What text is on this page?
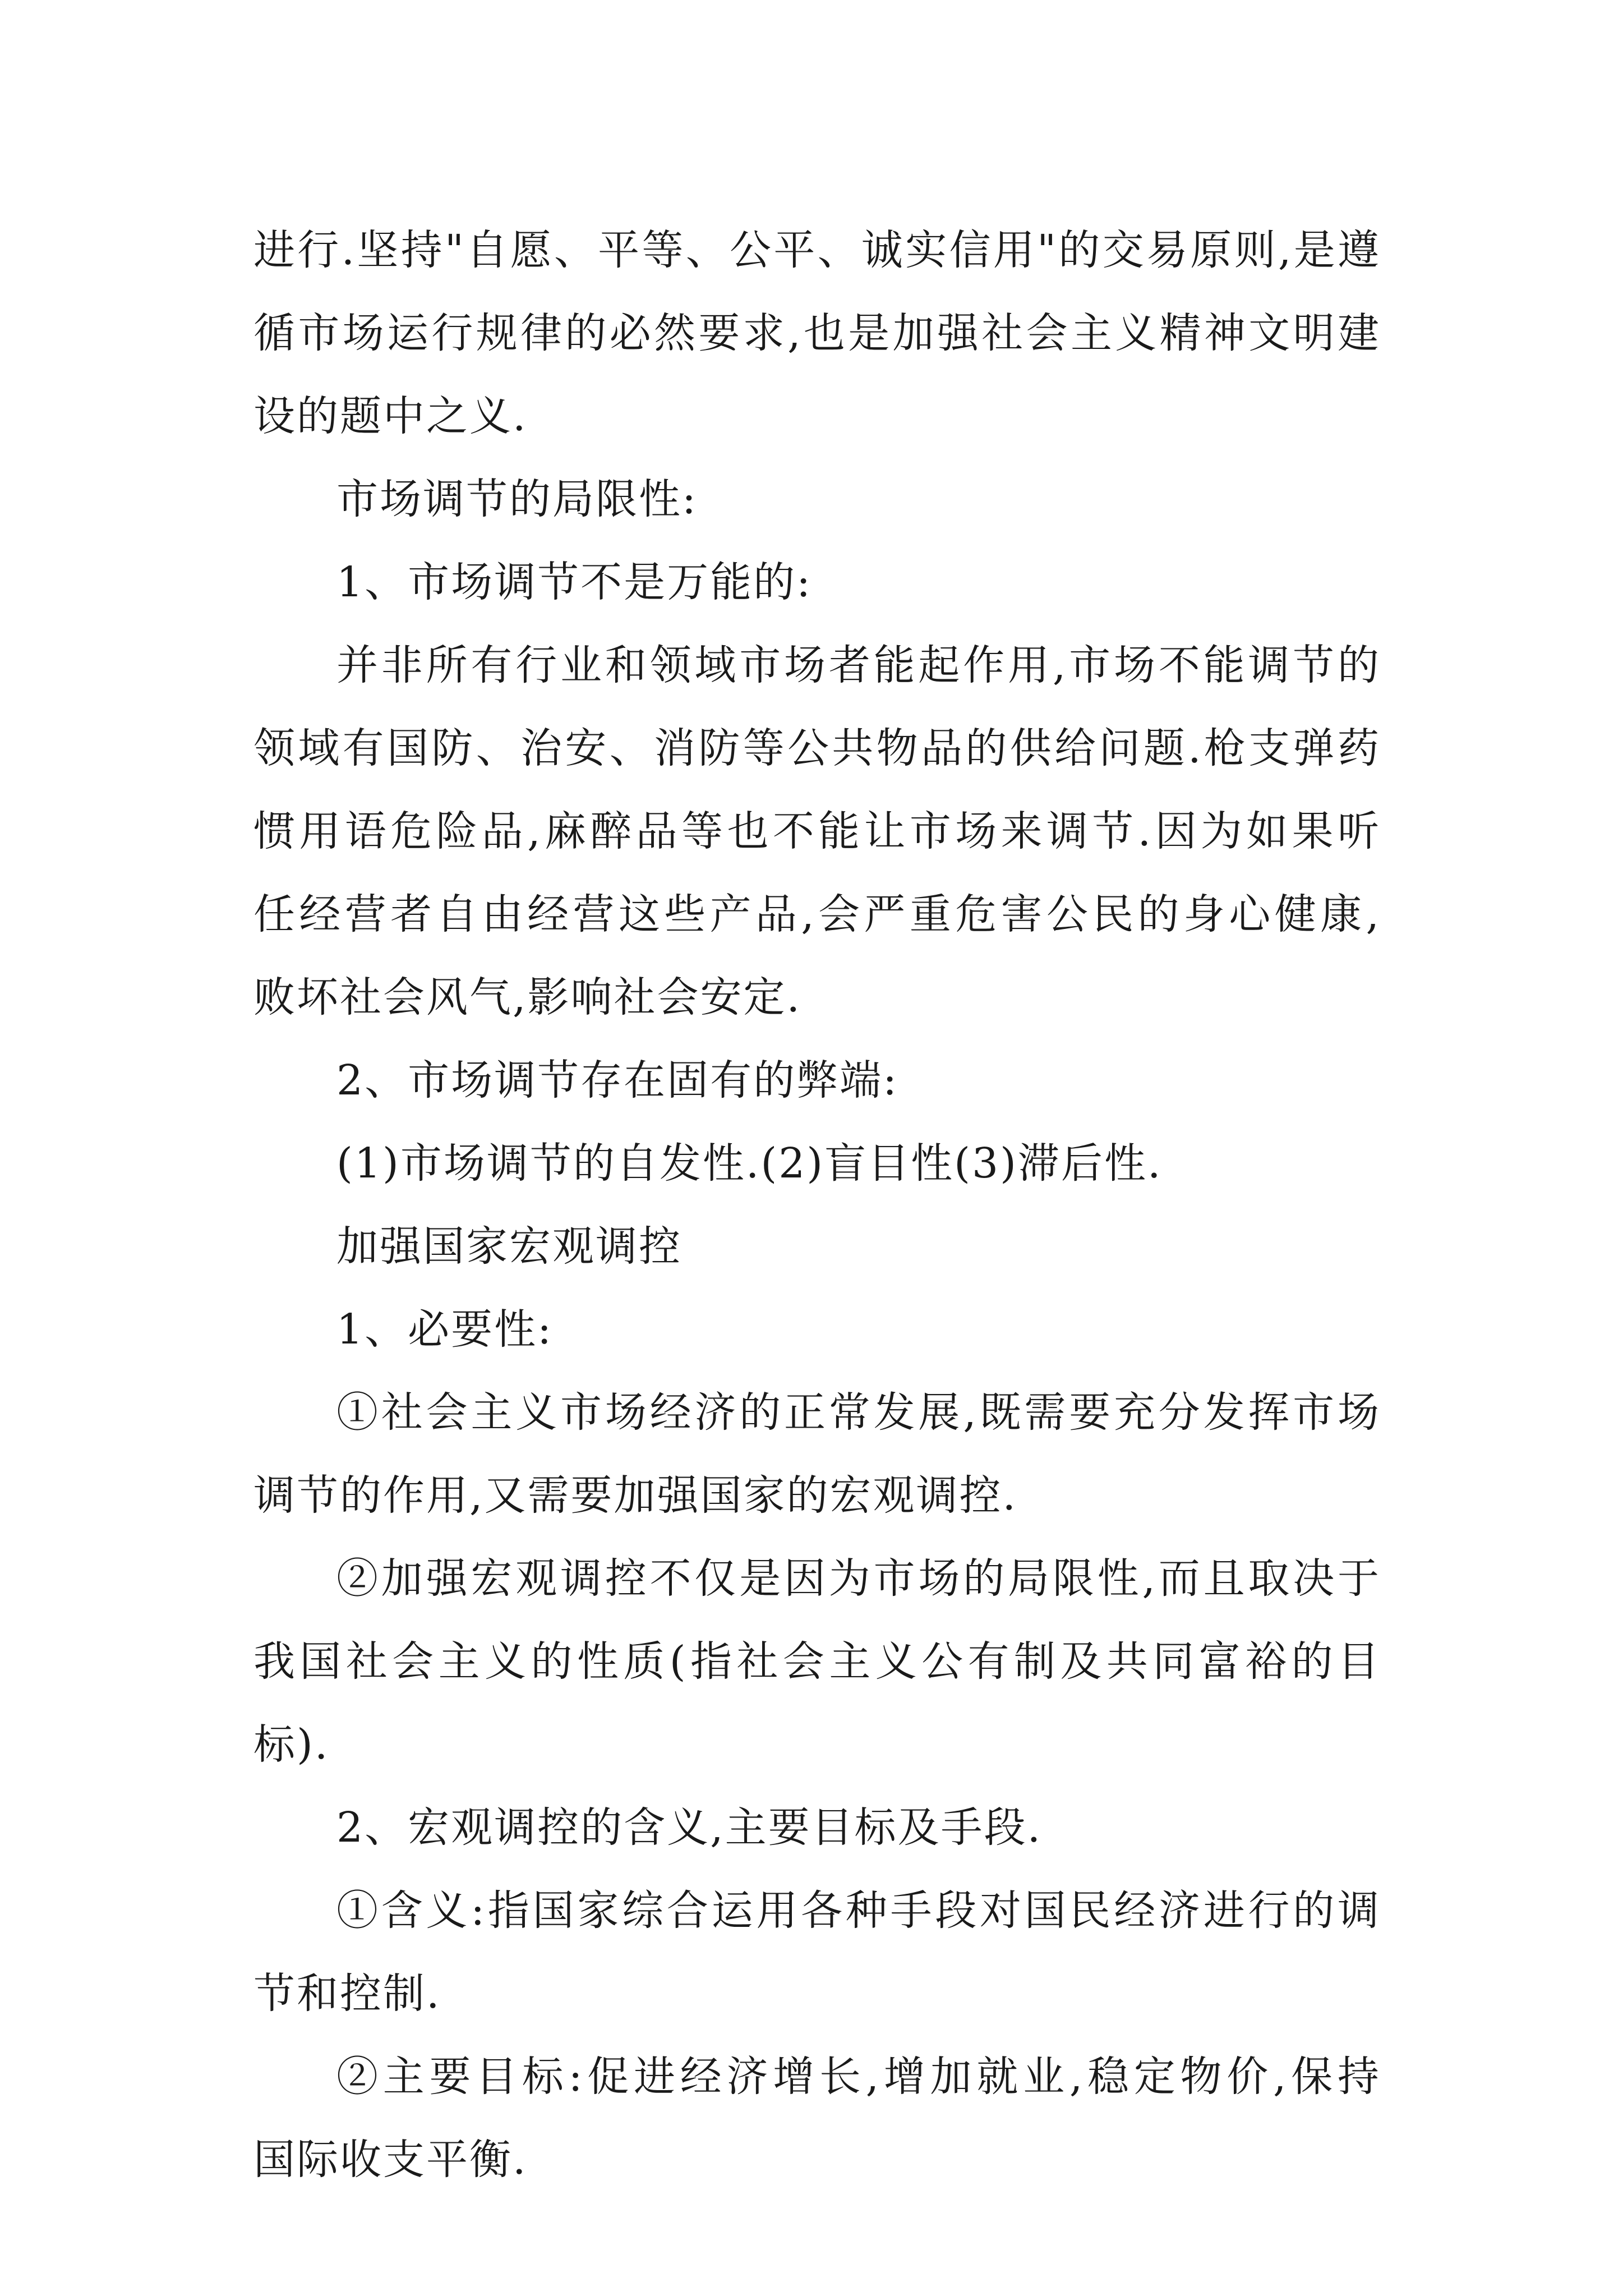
进行.坚持"自愿、平等、公平、诚实信用"的交易原则,是遵
循市场运行规律的必然要求,也是加强社会主义精神文明建
设的题中之义.
市场调节的局限性:
1、市场调节不是万能的:
并非所有行业和领域市场者能起作用,市场不能调节的
领域有国防、治安、消防等公共物品的供给问题.枪支弹药
惯用语危险品,麻醉品等也不能让市场来调节.因为如果听
任经营者自由经营这些产品,会严重危害公民的身心健康,
败坏社会风气,影响社会安定.
2、市场调节存在固有的弊端:
(1)市场调节的自发性.(2)盲目性(3)滞后性.
加强国家宏观调控
1、必要性:
①社会主义市场经济的正常发展,既需要充分发挥市场
调节的作用,又需要加强国家的宏观调控.
②加强宏观调控不仅是因为市场的局限性,而且取决于
我国社会主义的性质(指社会主义公有制及共同富裕的目
标).
2、宏观调控的含义,主要目标及手段.
①含义:指国家综合运用各种手段对国民经济进行的调
节和控制.
②主要目标:促进经济增长,增加就业,稳定物价,保持
国际收支平衡.
